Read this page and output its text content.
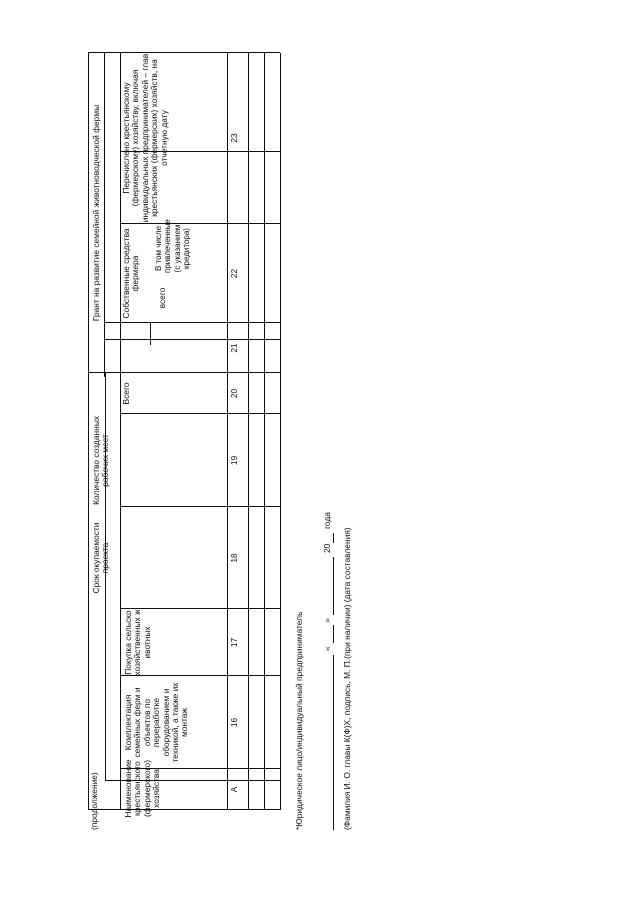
(продолжение)	Наименование крестьянского (фермерского) хозяйства
Комплектация семейных ферм и объектов по переработке оборудованием и техникой, а также их монтаж
Покупка сельскохозяйственных животных
Срок окупаемости проекта
Количество созданных рабочих мест
Грант на развитие семейной животноводческой фермы
Всего
Собственные средства фермера
всего
В том числе привлеченные (с указанием кредитора)
Перечислено крестьянскому (фермерскому) хозяйству, включая индивидуальных предпринимателей – глав крестьянских (фермерских) хозяйств, на отчетную дату
А
16
17
18
19
20
21
22
23
*Юридическое лицо/индивидуальный предприниматель «
»
20
года
(Фамилия И. О. главы К(Ф)Х, подпись, М. П.(при наличии) (дата составления)
